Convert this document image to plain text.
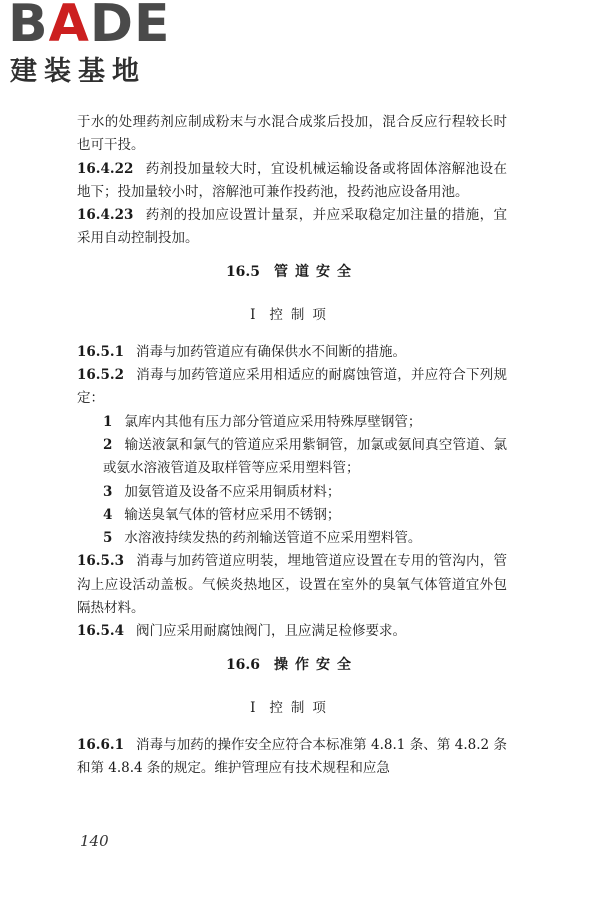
BADE
建装基地

于水的处理药剂应制成粉末与水混合成浆后投加，混合反应行程较长时也可干投。

16.4.22 药剂投加量较大时，宜设机械运输设备或将固体溶解池设在地下；投加量较小时，溶解池可兼作投药池，投药池应设备用池。

16.4.23 药剂的投加应设置计量泵，并应采取稳定加注量的措施，宜采用自动控制投加。

16.5 管道安全
Ⅰ 控制项

16.5.1 消毒与加药管道应有确保供水不间断的措施。

16.5.2 消毒与加药管道应采用相适应的耐腐蚀管道，并应符合下列规定：

1 氯库内其他有压力部分管道应采用特殊厚壁钢管；

2 输送液氯和氯气的管道应采用紫铜管，加氯或氨间真空管道、氯或氨水溶液管道及取样管等应采用塑料管；

3 加氨管道及设备不应采用铜质材料；

4 输送臭氧气体的管材应采用不锈钢；

5 水溶液持续发热的药剂输送管道不应采用塑料管。

16.5.3 消毒与加药管道应明装，埋地管道应设置在专用的管沟内，管沟上应设活动盖板。气候炎热地区，设置在室外的臭氧气体管道宜外包隔热材料。

16.5.4 阀门应采用耐腐蚀阀门，且应满足检修要求。

16.6 操作安全
Ⅰ 控制项

16.6.1 消毒与加药的操作安全应符合本标准第 4.8.1 条、第 4.8.2 条和第 4.8.4 条的规定。维护管理应有技术规程和应急

140
